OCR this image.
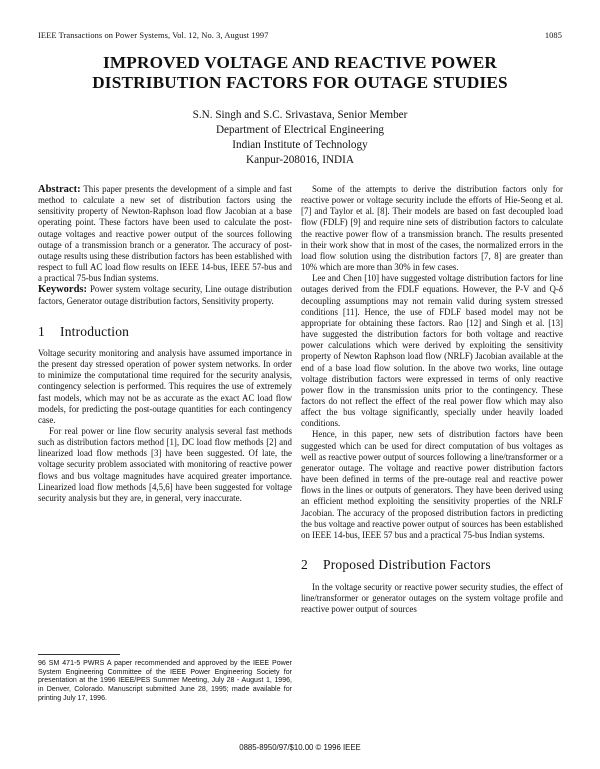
IEEE Transactions on Power Systems, Vol. 12, No. 3, August 1997	1085
IMPROVED VOLTAGE AND REACTIVE POWER
DISTRIBUTION FACTORS FOR OUTAGE STUDIES
S.N. Singh and S.C. Srivastava, Senior Member
Department of Electrical Engineering
Indian Institute of Technology
Kanpur-208016, INDIA

Abstract: This paper presents the development of a simple and fast method to calculate a new set of distribution factors using the sensitivity property of Newton-Raphson load flow Jacobian at a base operating point. These factors have been used to calculate the post-outage voltages and reactive power output of the sources following outage of a transmission branch or a generator. The accuracy of post-outage results using these distribution factors has been established with respect to full AC load flow results on IEEE 14-bus, IEEE 57-bus and a practical 75-bus Indian systems.

Keywords: Power system voltage security, Line outage distribution factors, Generator outage distribution factors, Sensitivity property.

1 Introduction

Voltage security monitoring and analysis have assumed importance in the present day stressed operation of power system networks. In order to minimize the computational time required for the security analysis, contingency selection is performed. This requires the use of extremely fast models, which may not be as accurate as the exact AC load flow models, for predicting the post-outage quantities for each contingency case.

For real power or line flow security analysis several fast methods such as distribution factors method [1], DC load flow methods [2] and linearized load flow methods [3] have been suggested. Of late, the voltage security problem associated with monitoring of reactive power flows and bus voltage magnitudes have acquired greater importance. Linearized load flow methods [4,5,6] have been suggested for voltage security analysis but they are, in general, very inaccurate.

96 SM 471-5 PWRS A paper recommended and approved by the IEEE Power System Engineering Committee of the IEEE Power Engineering Society for presentation at the 1996 IEEE/PES Summer Meeting, July 28 - August 1, 1996, in Denver, Colorado. Manuscript submitted June 28, 1995; made available for printing July 17, 1996.

Some of the attempts to derive the distribution factors only for reactive power or voltage security include the efforts of Hie-Seong et al. [7] and Taylor et al. [8]. Their models are based on fast decoupled load flow (FDLF) [9] and require nine sets of distribution factors to calculate the reactive power flow of a transmission branch. The results presented in their work show that in most of the cases, the normalized errors in the load flow solution using the distribution factors [7, 8] are greater than 10% which are more than 30% in few cases.

Lee and Chen [10] have suggested voltage distribution factors for line outages derived from the FDLF equations. However, the P-V and Q-δ decoupling assumptions may not remain valid during system stressed conditions [11]. Hence, the use of FDLF based model may not be appropriate for obtaining these factors. Rao [12] and Singh et al. [13] have suggested the distribution factors for both voltage and reactive power calculations which were derived by exploiting the sensitivity property of Newton Raphson load flow (NRLF) Jacobian available at the end of a base load flow solution. In the above two works, line outage voltage distribution factors were expressed in terms of only reactive power flow in the transmission units prior to the contingency. These factors do not reflect the effect of the real power flow which may also affect the bus voltage significantly, specially under heavily loaded conditions.

Hence, in this paper, new sets of distribution factors have been suggested which can be used for direct computation of bus voltages as well as reactive power output of sources following a line/transformer or a generator outage. The voltage and reactive power distribution factors have been defined in terms of the pre-outage real and reactive power flows in the lines or outputs of generators. They have been derived using an efficient method exploiting the sensitivity properties of the NRLF Jacobian. The accuracy of the proposed distribution factors in predicting the bus voltage and reactive power output of sources has been established on IEEE 14-bus, IEEE 57 bus and a practical 75-bus Indian systems.

2 Proposed Distribution Factors

In the voltage security or reactive power security studies, the effect of line/transformer or generator outages on the system voltage profile and reactive power output of sources

0885-8950/97/$10.00 © 1996 IEEE
